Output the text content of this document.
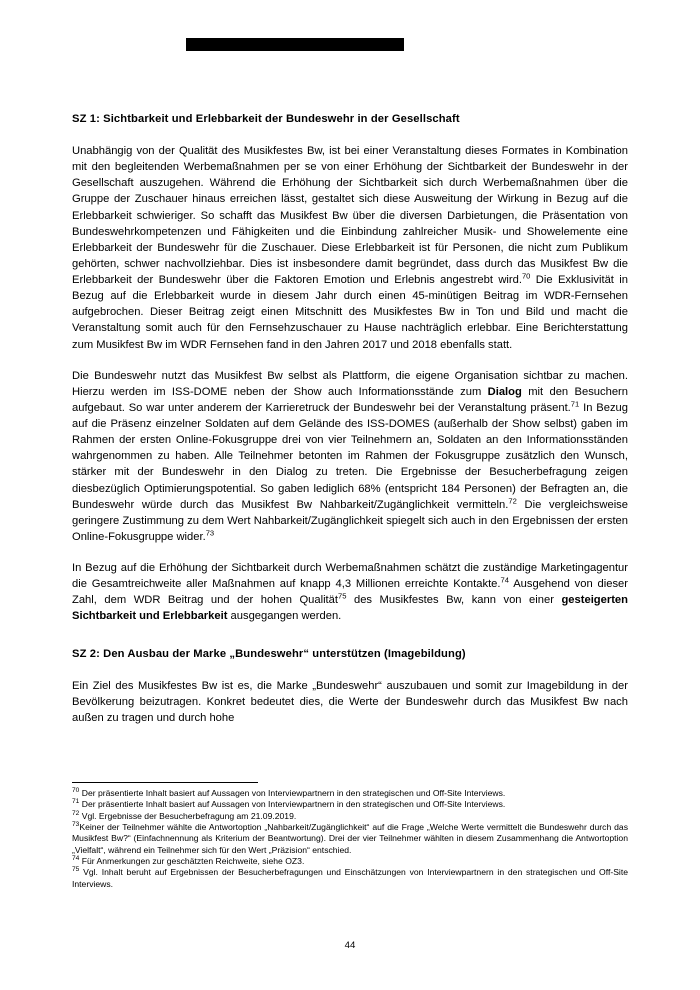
SZ 1: Sichtbarkeit und Erlebbarkeit der Bundeswehr in der Gesellschaft

Unabhängig von der Qualität des Musikfestes Bw, ist bei einer Veranstaltung dieses Formates in Kombination mit den begleitenden Werbemaßnahmen per se von einer Erhöhung der Sichtbarkeit der Bundeswehr in der Gesellschaft auszugehen. Während die Erhöhung der Sichtbarkeit sich durch Werbemaßnahmen über die Gruppe der Zuschauer hinaus erreichen lässt, gestaltet sich diese Ausweitung der Wirkung in Bezug auf die Erlebbarkeit schwieriger. So schafft das Musikfest Bw über die diversen Darbietungen, die Präsentation von Bundeswehrkompetenzen und Fähigkeiten und die Einbindung zahlreicher Musik- und Showelemente eine Erlebbarkeit der Bundeswehr für die Zuschauer. Diese Erlebbarkeit ist für Personen, die nicht zum Publikum gehörten, schwer nachvollziehbar. Dies ist insbesondere damit begründet, dass durch das Musikfest Bw die Erlebbarkeit der Bundeswehr über die Faktoren Emotion und Erlebnis angestrebt wird.$^{70}$ Die Exklusivität in Bezug auf die Erlebbarkeit wurde in diesem Jahr durch einen 45-minütigen Beitrag im WDR-Fernsehen aufgebrochen. Dieser Beitrag zeigt einen Mitschnitt des Musikfestes Bw in Ton und Bild und macht die Veranstaltung somit auch für den Fernsehzuschauer zu Hause nachträglich erlebbar. Eine Berichterstattung zum Musikfest Bw im WDR Fernsehen fand in den Jahren 2017 und 2018 ebenfalls statt.

Die Bundeswehr nutzt das Musikfest Bw selbst als Plattform, die eigene Organisation sichtbar zu machen. Hierzu werden im ISS-DOME neben der Show auch Informationsstände zum Dialog mit den Besuchern aufgebaut. So war unter anderem der Karrieretruck der Bundeswehr bei der Veranstaltung präsent.$^{71}$ In Bezug auf die Präsenz einzelner Soldaten auf dem Gelände des ISS-DOMES (außerhalb der Show selbst) gaben im Rahmen der ersten Online-Fokusgruppe drei von vier Teilnehmern an, Soldaten an den Informationsständen wahrgenommen zu haben. Alle Teilnehmer betonten im Rahmen der Fokusgruppe zusätzlich den Wunsch, stärker mit der Bundeswehr in den Dialog zu treten. Die Ergebnisse der Besucherbefragung zeigen diesbezüglich Optimierungspotential. So gaben lediglich 68% (entspricht 184 Personen) der Befragten an, die Bundeswehr würde durch das Musikfest Bw Nahbarkeit/Zugänglichkeit vermitteln.$^{72}$ Die vergleichsweise geringere Zustimmung zu dem Wert Nahbarkeit/Zugänglichkeit spiegelt sich auch in den Ergebnissen der ersten Online-Fokusgruppe wider.$^{73}$

In Bezug auf die Erhöhung der Sichtbarkeit durch Werbemaßnahmen schätzt die zuständige Marketingagentur die Gesamtreichweite aller Maßnahmen auf knapp 4,3 Millionen erreichte Kontakte.$^{74}$ Ausgehend von dieser Zahl, dem WDR Beitrag und der hohen Qualität$^{75}$ des Musikfestes Bw, kann von einer gesteigerten Sichtbarkeit und Erlebbarkeit ausgegangen werden.

SZ 2: Den Ausbau der Marke „Bundeswehr“ unterstützen (Imagebildung)

Ein Ziel des Musikfestes Bw ist es, die Marke „Bundeswehr“ auszubauen und somit zur Imagebildung in der Bevölkerung beizutragen. Konkret bedeutet dies, die Werte der Bundeswehr durch das Musikfest Bw nach außen zu tragen und durch hohe

$^{70}$ Der präsentierte Inhalt basiert auf Aussagen von Interviewpartnern in den strategischen und Off-Site Interviews.
$^{71}$ Der präsentierte Inhalt basiert auf Aussagen von Interviewpartnern in den strategischen und Off-Site Interviews.
$^{72}$ Vgl. Ergebnisse der Besucherbefragung am 21.09.2019.
$^{73}$Keiner der Teilnehmer wählte die Antwortoption „Nahbarkeit/Zugänglichkeit“ auf die Frage „Welche Werte vermittelt die Bundeswehr durch das Musikfest Bw?“ (Einfachnennung als Kriterium der Beantwortung). Drei der vier Teilnehmer wählten in diesem Zusammenhang die Antwortoption „Vielfalt“, während ein Teilnehmer sich für den Wert „Präzision“ entschied.
$^{74}$ Für Anmerkungen zur geschätzten Reichweite, siehe OZ3.
$^{75}$ Vgl. Inhalt beruht auf Ergebnissen der Besucherbefragungen und Einschätzungen von Interviewpartnern in den strategischen und Off-Site Interviews.
44
